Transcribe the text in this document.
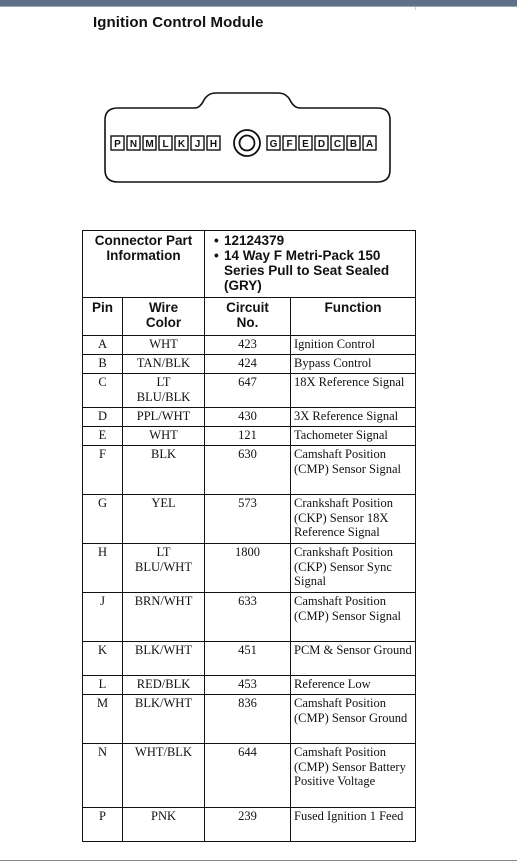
Ignition Control Module
P N M L K J H	G F E D C B A
Connector Part Information		• 12124379
• 14 Way F Metri-Pack 150 Series Pull to Seat Sealed (GRY)

Pin	Wire Color	Circuit No.	Function
A	WHT	423	Ignition Control
B	TAN/BLK	424	Bypass Control
C	LT BLU/BLK	647	18X Reference Signal
D	PPL/WHT	430	3X Reference Signal
E	WHT	121	Tachometer Signal
F	BLK	630	Camshaft Position (CMP) Sensor Signal
G	YEL	573	Crankshaft Position (CKP) Sensor 18X Reference Signal
H	LT BLU/WHT	1800	Crankshaft Position (CKP) Sensor Sync Signal
J	BRN/WHT	633	Camshaft Position (CMP) Sensor Signal
K	BLK/WHT	451	PCM & Sensor Ground
L	RED/BLK	453	Reference Low
M	BLK/WHT	836	Camshaft Position (CMP) Sensor Ground
N	WHT/BLK	644	Camshaft Position (CMP) Sensor Battery Positive Voltage
P	PNK	239	Fused Ignition 1 Feed
